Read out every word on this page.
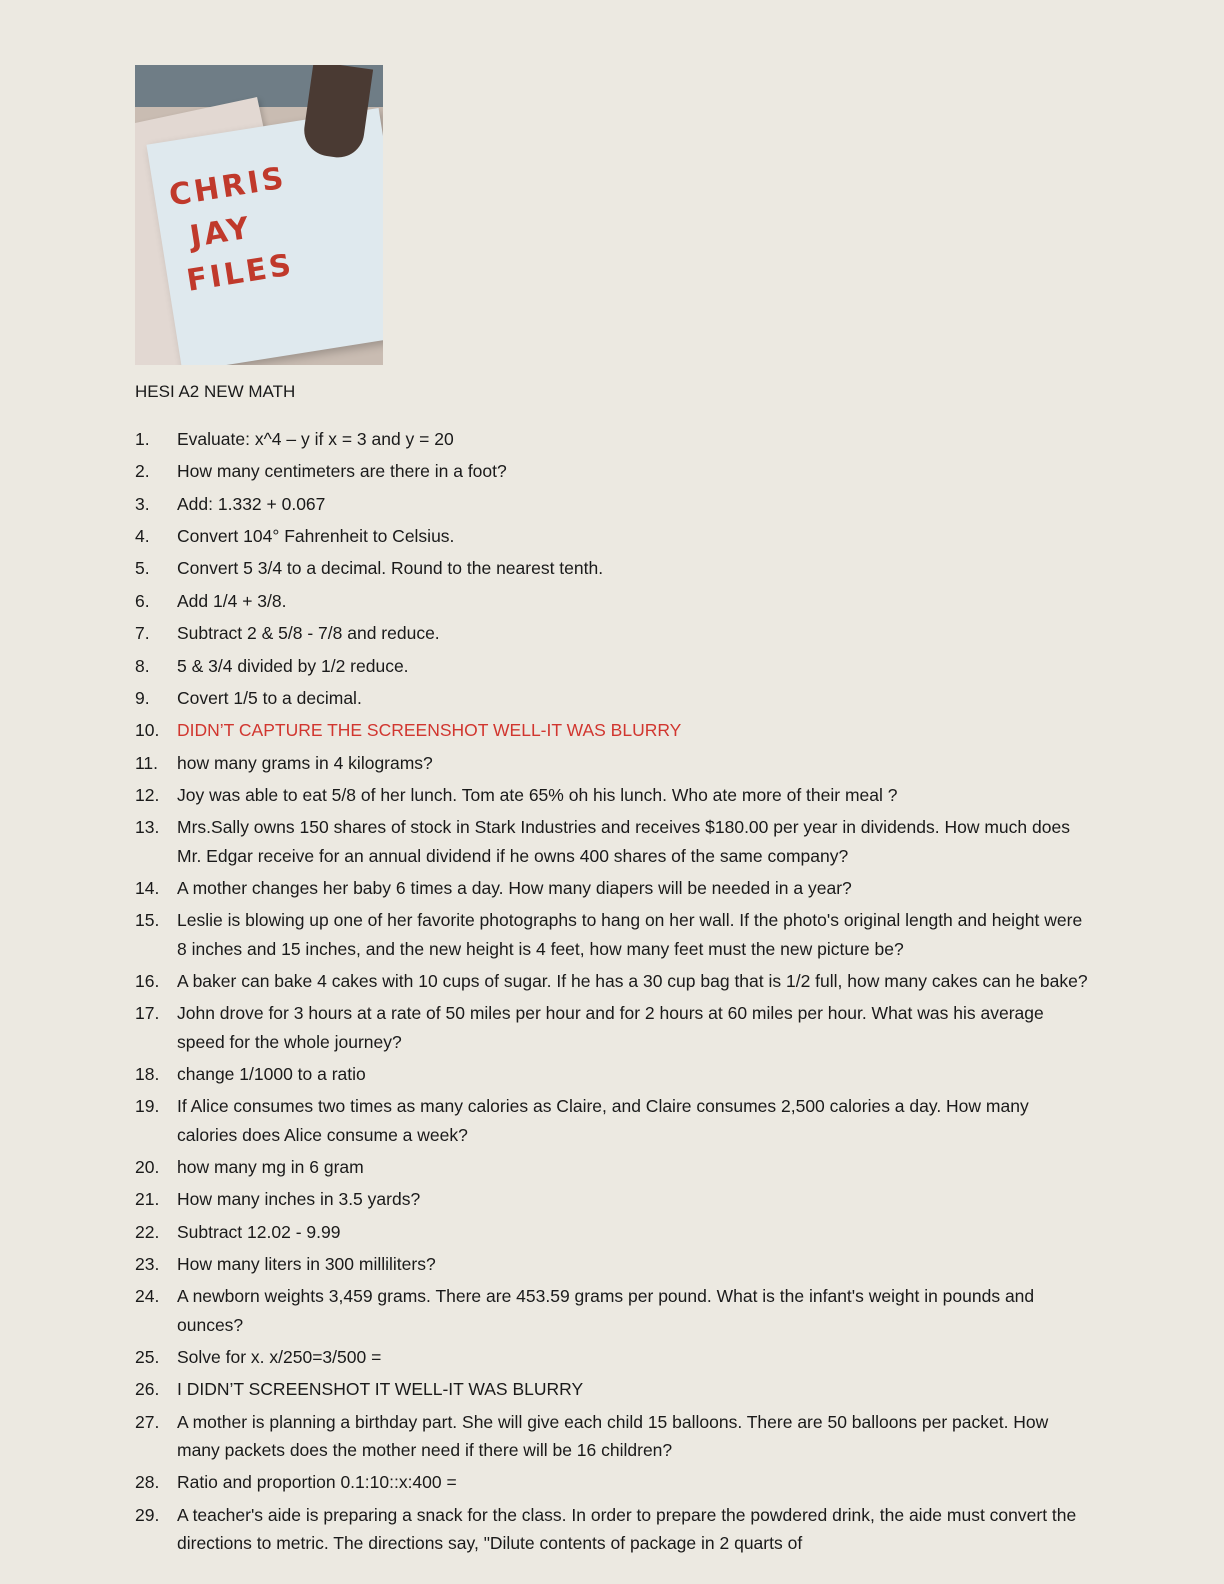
CHRIS
JAY
FILES
HESI A2 NEW MATH
1.	Evaluate: x^4 – y if x = 3 and y = 20
2.	How many centimeters are there in a foot?
3.	Add: 1.332 + 0.067
4.	Convert 104° Fahrenheit to Celsius.
5.	Convert 5 3/4 to a decimal. Round to the nearest tenth.
6.	Add 1/4 + 3/8.
7.	Subtract 2 & 5/8 - 7/8 and reduce.
8.	5 & 3/4 divided by 1/2 reduce.
9.	Covert 1/5 to a decimal.
10.	DIDN’T CAPTURE THE SCREENSHOT WELL-IT WAS BLURRY
11.	how many grams in 4 kilograms?
12.	Joy was able to eat 5/8 of her lunch. Tom ate 65% oh his lunch. Who ate more of their meal ?
13.	Mrs.Sally owns 150 shares of stock in Stark Industries and receives $180.00 per year in dividends. How much does Mr. Edgar receive for an annual dividend if he owns 400 shares of the same company?
14.	A mother changes her baby 6 times a day. How many diapers will be needed in a year?
15.	Leslie is blowing up one of her favorite photographs to hang on her wall. If the photo's original length and height were 8 inches and 15 inches, and the new height is 4 feet, how many feet must the new picture be?
16.	A baker can bake 4 cakes with 10 cups of sugar. If he has a 30 cup bag that is 1/2 full, how many cakes can he bake?
17.	John drove for 3 hours at a rate of 50 miles per hour and for 2 hours at 60 miles per hour. What was his average speed for the whole journey?
18.	change 1/1000 to a ratio
19.	If Alice consumes two times as many calories as Claire, and Claire consumes 2,500 calories a day. How many calories does Alice consume a week?
20.	how many mg in 6 gram
21.	How many inches in 3.5 yards?
22.	Subtract 12.02 - 9.99
23.	How many liters in 300 milliliters?
24.	A newborn weights 3,459 grams. There are 453.59 grams per pound. What is the infant's weight in pounds and ounces?
25.	Solve for x. x/250=3/500 =
26.	I DIDN’T SCREENSHOT IT WELL-IT WAS BLURRY
27.	A mother is planning a birthday part. She will give each child 15 balloons. There are 50 balloons per packet. How many packets does the mother need if there will be 16 children?
28.	Ratio and proportion 0.1:10::x:400 =
29.	A teacher's aide is preparing a snack for the class. In order to prepare the powdered drink, the aide must convert the directions to metric. The directions say, "Dilute contents of package in 2 quarts of
